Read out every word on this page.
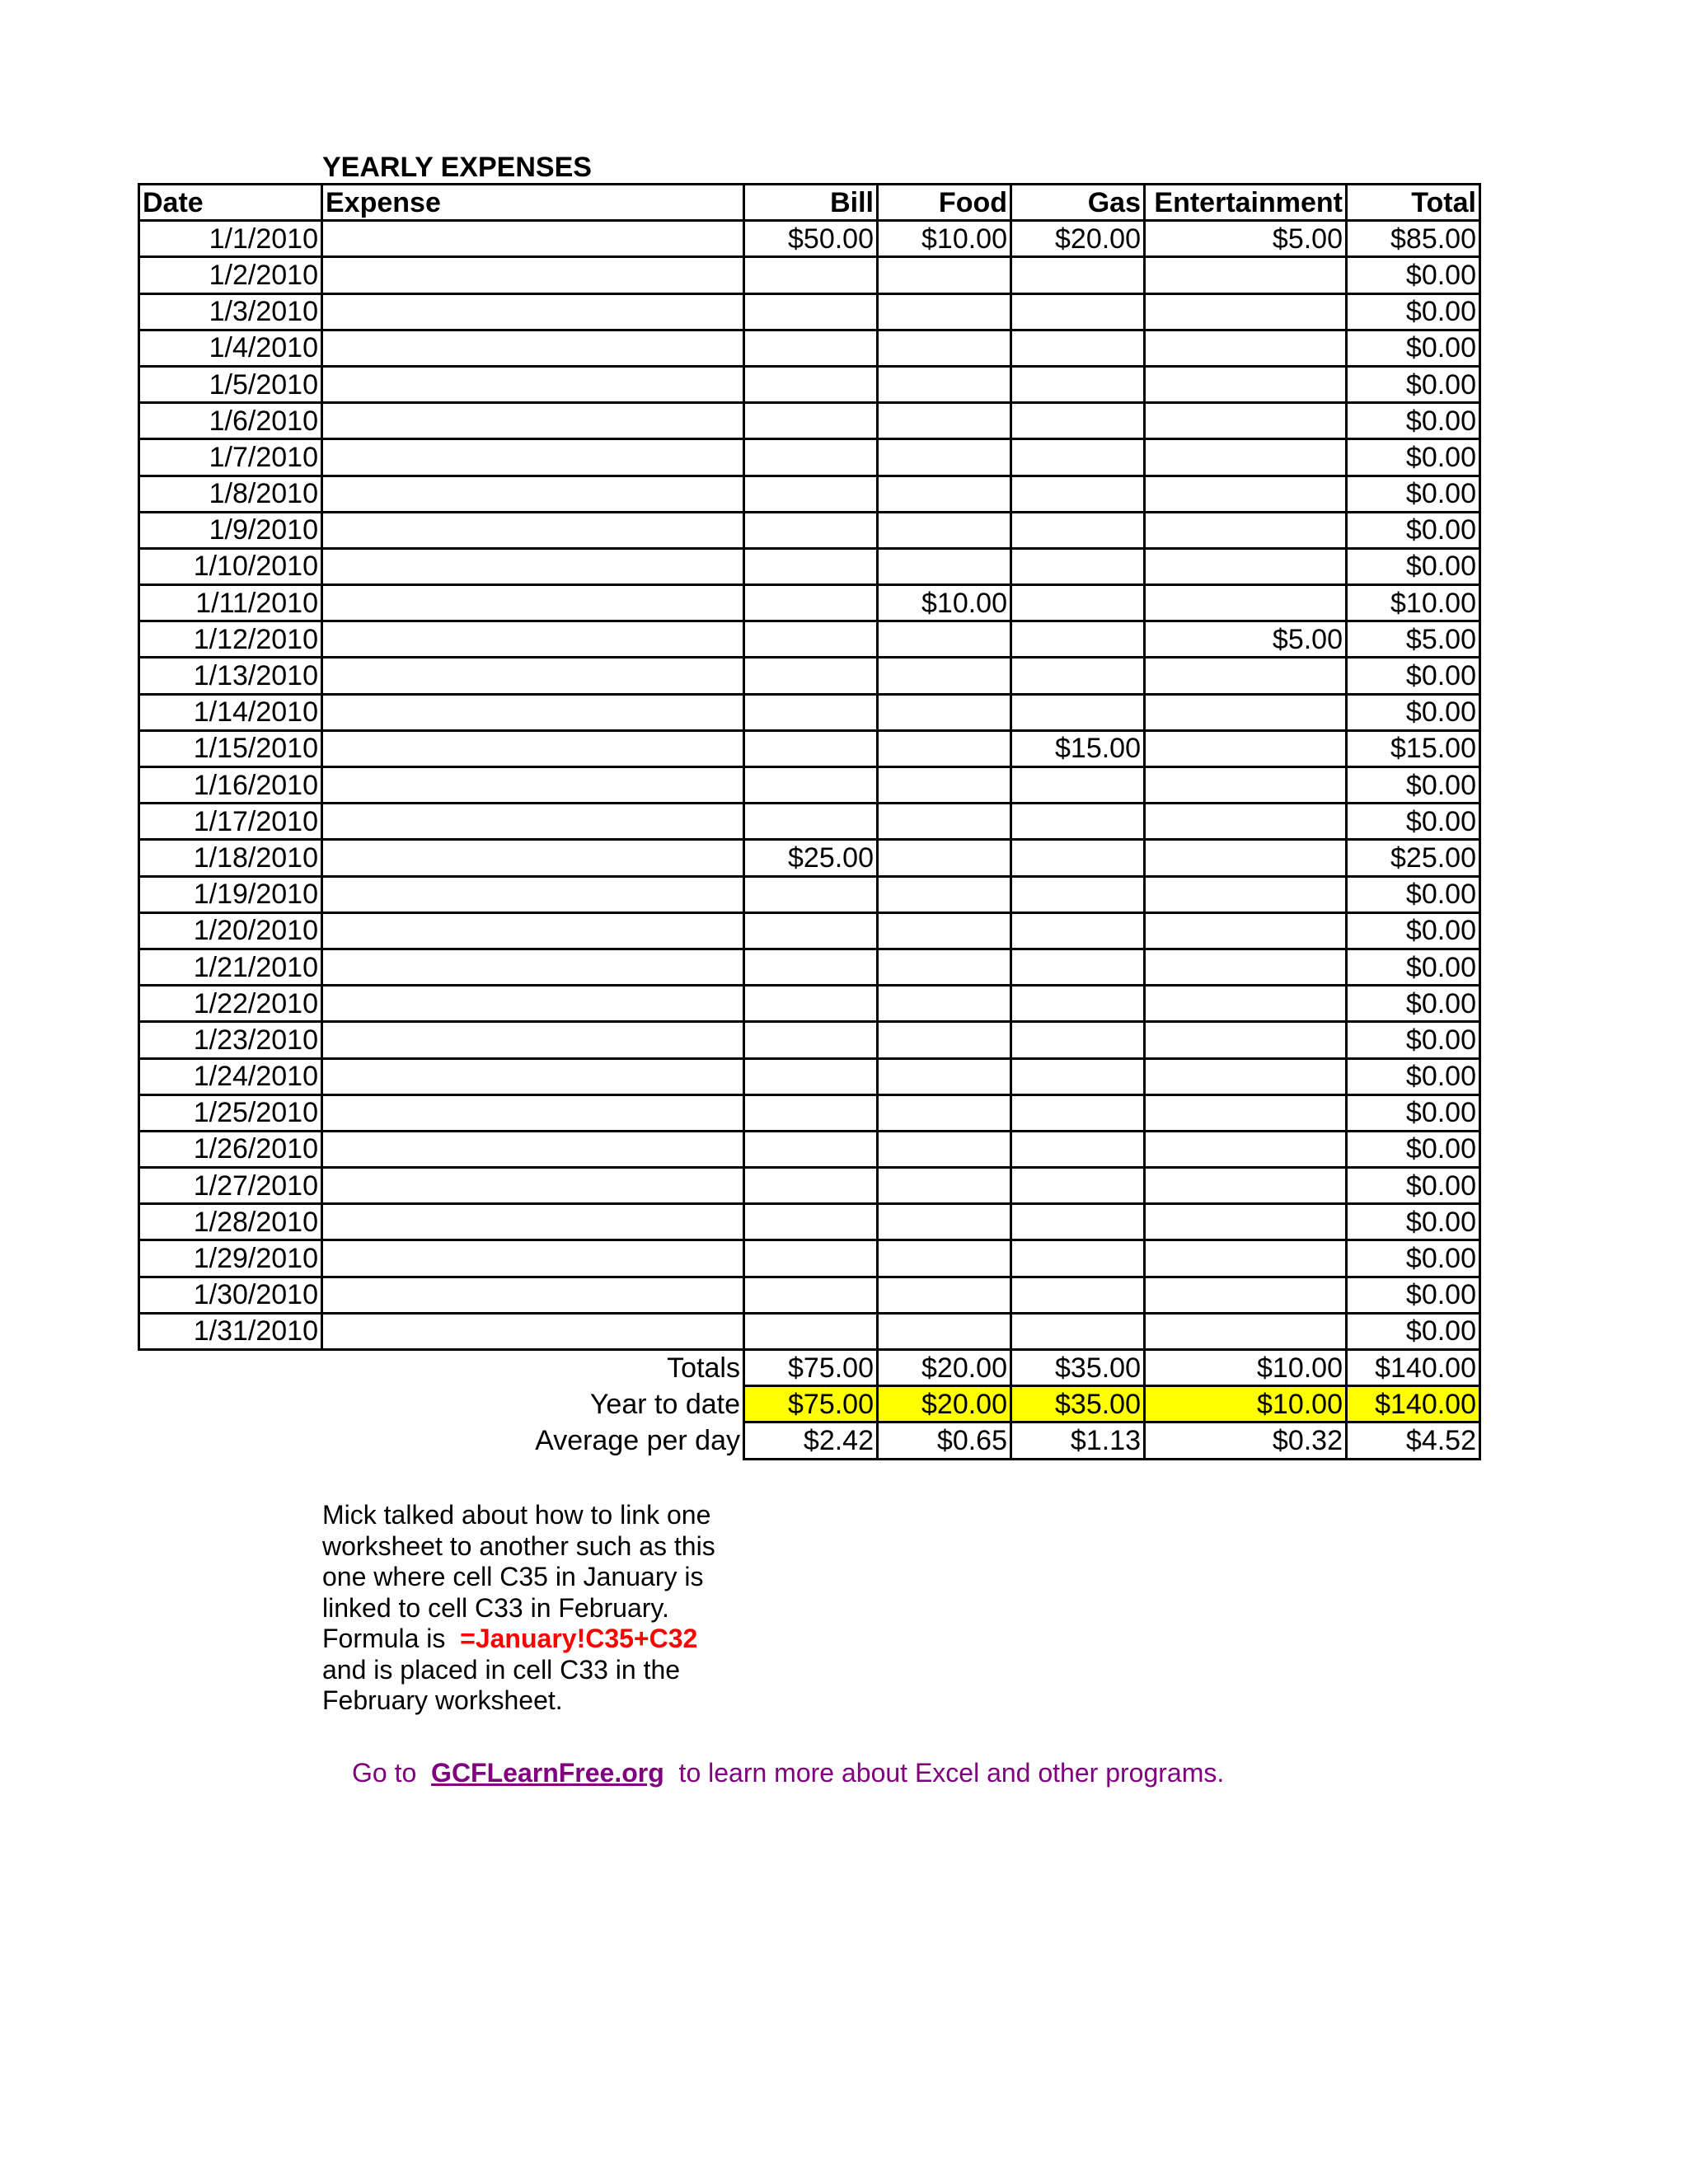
YEARLY EXPENSES
Date	Expense	Bill	Food	Gas	Entertainment	Total
1/1/2010		$50.00	$10.00	$20.00	$5.00	$85.00
1/2/2010						$0.00
1/3/2010						$0.00
1/4/2010						$0.00
1/5/2010						$0.00
1/6/2010						$0.00
1/7/2010						$0.00
1/8/2010						$0.00
1/9/2010						$0.00
1/10/2010						$0.00
1/11/2010			$10.00			$10.00
1/12/2010					$5.00	$5.00
1/13/2010						$0.00
1/14/2010						$0.00
1/15/2010				$15.00		$15.00
1/16/2010						$0.00
1/17/2010						$0.00
1/18/2010		$25.00				$25.00
1/19/2010						$0.00
1/20/2010						$0.00
1/21/2010						$0.00
1/22/2010						$0.00
1/23/2010						$0.00
1/24/2010						$0.00
1/25/2010						$0.00
1/26/2010						$0.00
1/27/2010						$0.00
1/28/2010						$0.00
1/29/2010						$0.00
1/30/2010						$0.00
1/31/2010						$0.00
	Totals	$75.00	$20.00	$35.00	$10.00	$140.00
	Year to date	$75.00	$20.00	$35.00	$10.00	$140.00
	Average per day	$2.42	$0.65	$1.13	$0.32	$4.52
Mick talked about how to link one
worksheet to another such as this
one where cell C35 in January is
linked to cell C33 in February.
Formula is =January!C35+C32
and is placed in cell C33 in the
February worksheet.
Go to GCFLearnFree.org to learn more about Excel and other programs.
